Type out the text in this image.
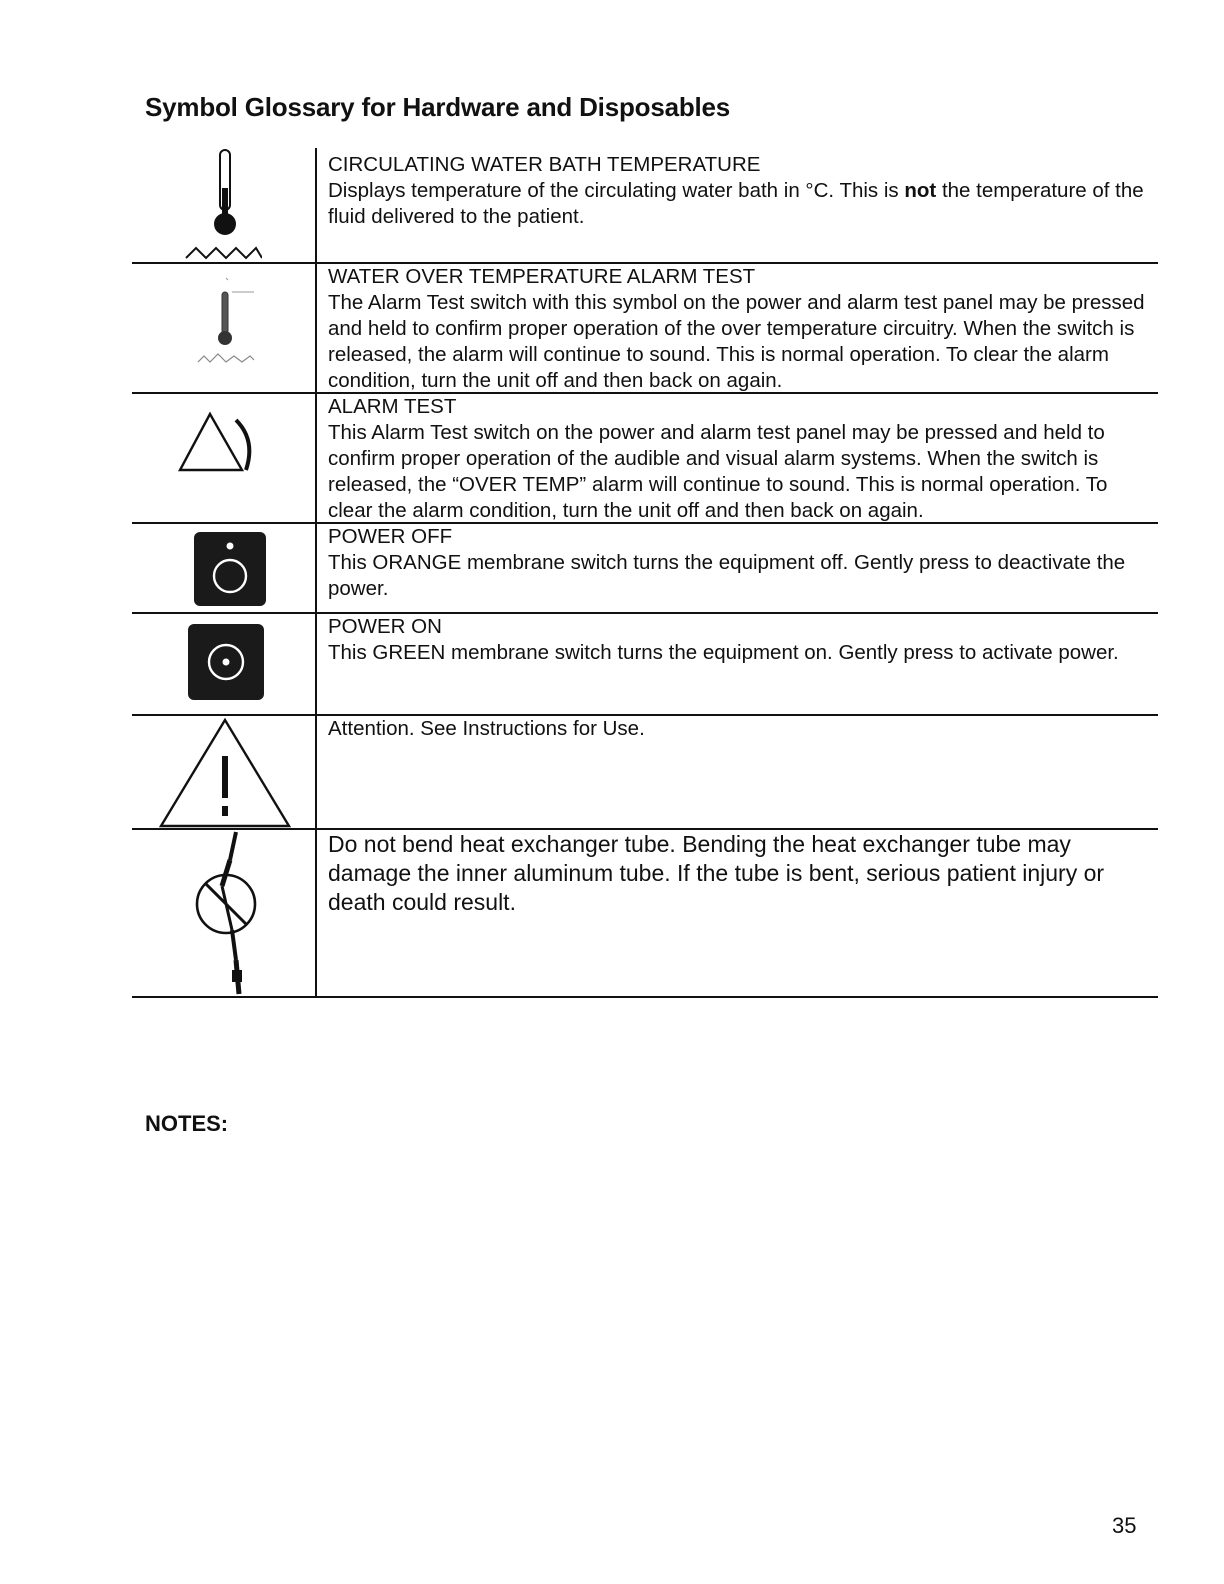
Symbol Glossary for Hardware and Disposables
CIRCULATING WATER BATH TEMPERATURE
Displays temperature of the circulating water bath in °C. This is not the temperature of the fluid delivered to the patient.
WATER OVER TEMPERATURE ALARM TEST
The Alarm Test switch with this symbol on the power and alarm test panel may be pressed and held to confirm proper operation of the over temperature circuitry. When the switch is released, the alarm will continue to sound. This is normal operation. To clear the alarm condition, turn the unit off and then back on again.
ALARM TEST
This Alarm Test switch on the power and alarm test panel may be pressed and held to confirm proper operation of the audible and visual alarm systems. When the switch is released, the “OVER TEMP” alarm will continue to sound. This is normal operation. To clear the alarm condition, turn the unit off and then back on again.
POWER OFF
This ORANGE membrane switch turns the equipment off. Gently press to deactivate the power.
POWER ON
This GREEN membrane switch turns the equipment on. Gently press to activate power.
Attention. See Instructions for Use.
Do not bend heat exchanger tube. Bending the heat exchanger tube may damage the inner aluminum tube. If the tube is bent, serious patient injury or death could result.
NOTES:
35
